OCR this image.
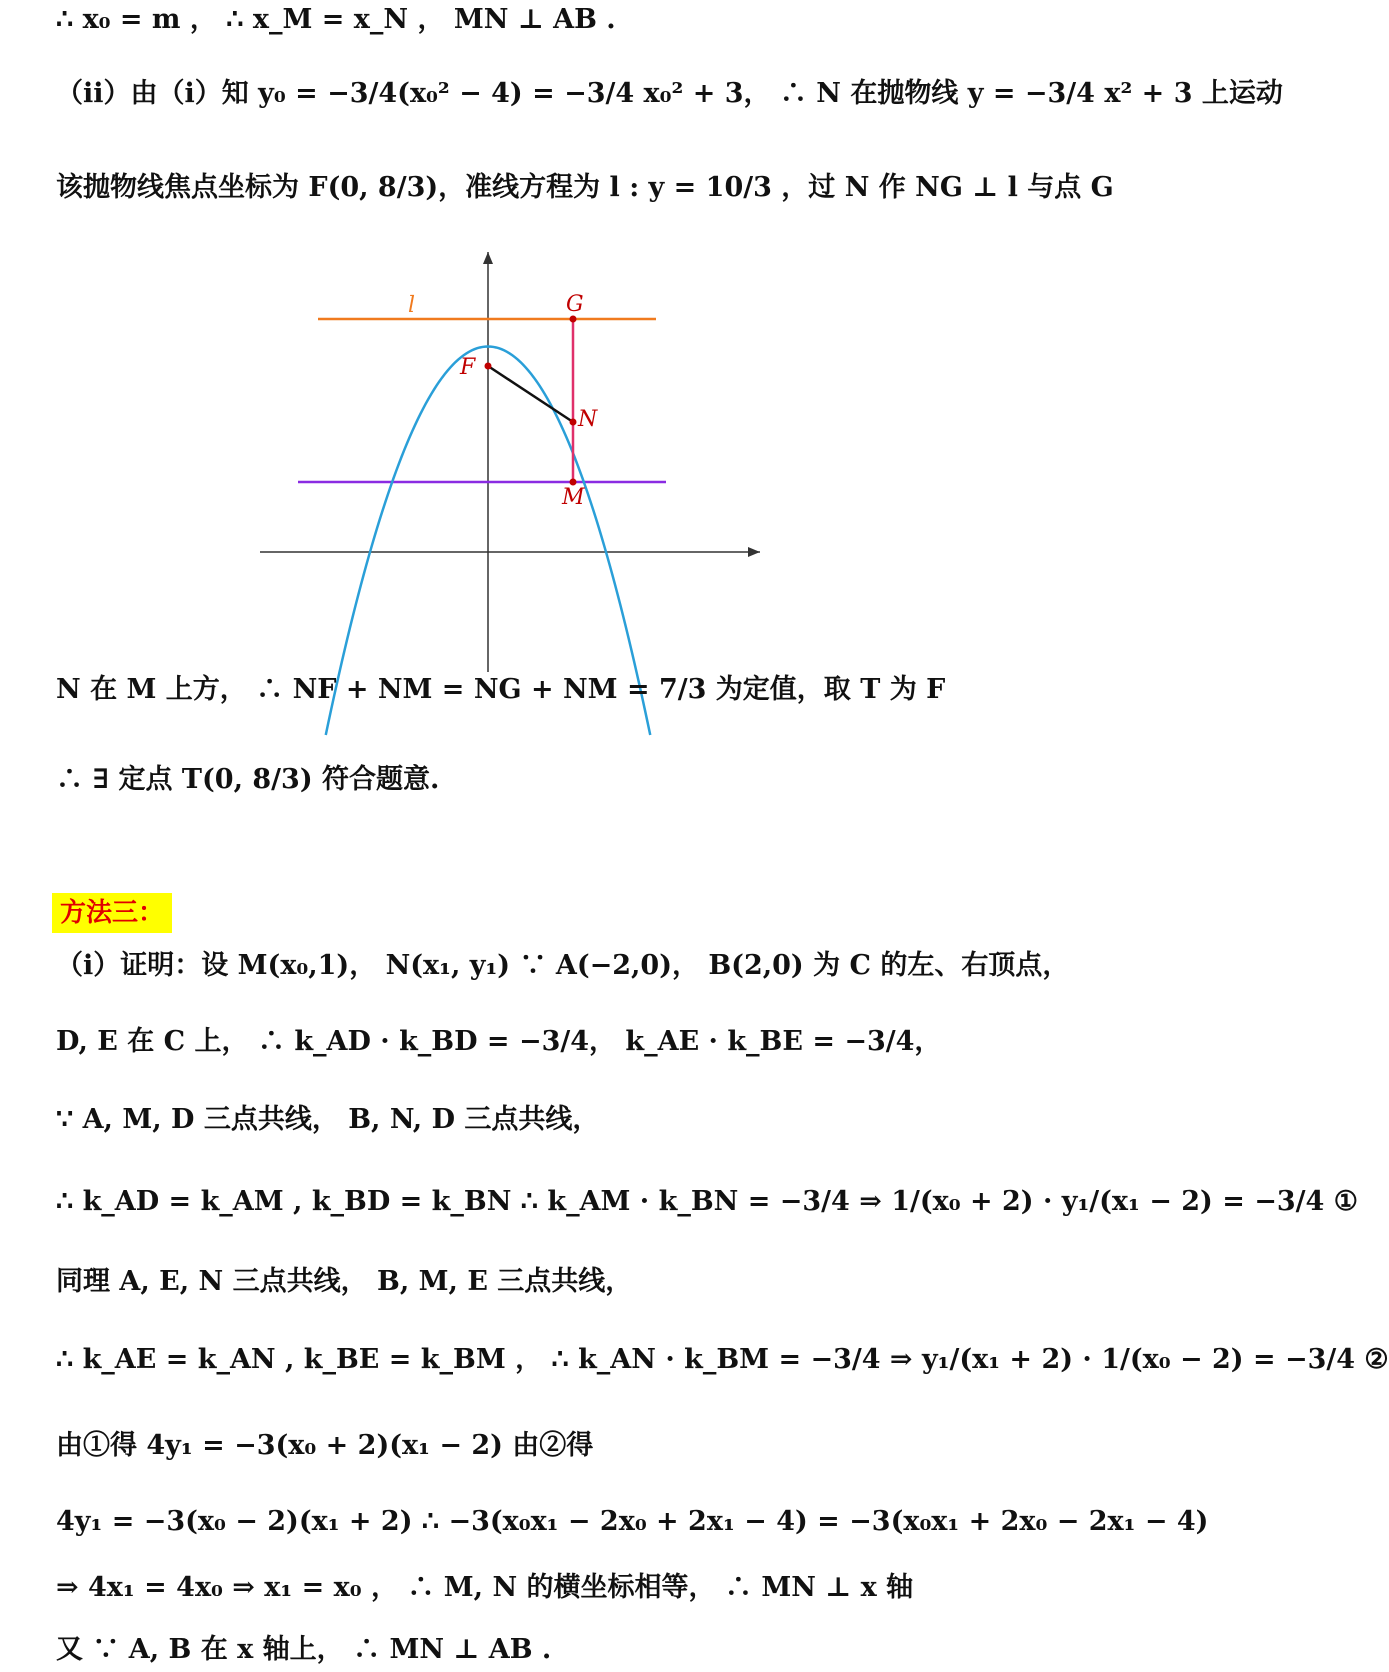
∴ x₀ = m ， ∴ x_M = x_N ， MN ⊥ AB .
（ii）由（i）知 y₀ = −3/4(x₀² − 4) = −3/4 x₀² + 3， ∴ N 在抛物线 y = −3/4 x² + 3 上运动
该抛物线焦点坐标为 F(0, 8/3)，准线方程为 l : y = 10/3 ，过 N 作 NG ⊥ l 与点 G
l	G
F
N
M
N 在 M 上方， ∴ NF + NM = NG + NM = 7/3 为定值，取 T 为 F
∴ ∃ 定点 T(0, 8/3) 符合题意.
方法三：
（i）证明：设 M(x₀,1)， N(x₁, y₁) ∵ A(−2,0)， B(2,0) 为 C 的左、右顶点，
D, E 在 C 上， ∴ k_AD · k_BD = −3/4， k_AE · k_BE = −3/4，
∵ A, M, D 三点共线， B, N, D 三点共线，
∴ k_AD = k_AM , k_BD = k_BN ∴ k_AM · k_BN = −3/4 ⇒ 1/(x₀ + 2) · y₁/(x₁ − 2) = −3/4 ①
同理 A, E, N 三点共线， B, M, E 三点共线，
∴ k_AE = k_AN , k_BE = k_BM ， ∴ k_AN · k_BM = −3/4 ⇒ y₁/(x₁ + 2) · 1/(x₀ − 2) = −3/4 ②
由①得 4y₁ = −3(x₀ + 2)(x₁ − 2) 由②得
4y₁ = −3(x₀ − 2)(x₁ + 2) ∴ −3(x₀x₁ − 2x₀ + 2x₁ − 4) = −3(x₀x₁ + 2x₀ − 2x₁ − 4)
⇒ 4x₁ = 4x₀ ⇒ x₁ = x₀ ， ∴ M, N 的横坐标相等， ∴ MN ⊥ x 轴
又 ∵ A, B 在 x 轴上， ∴ MN ⊥ AB .
